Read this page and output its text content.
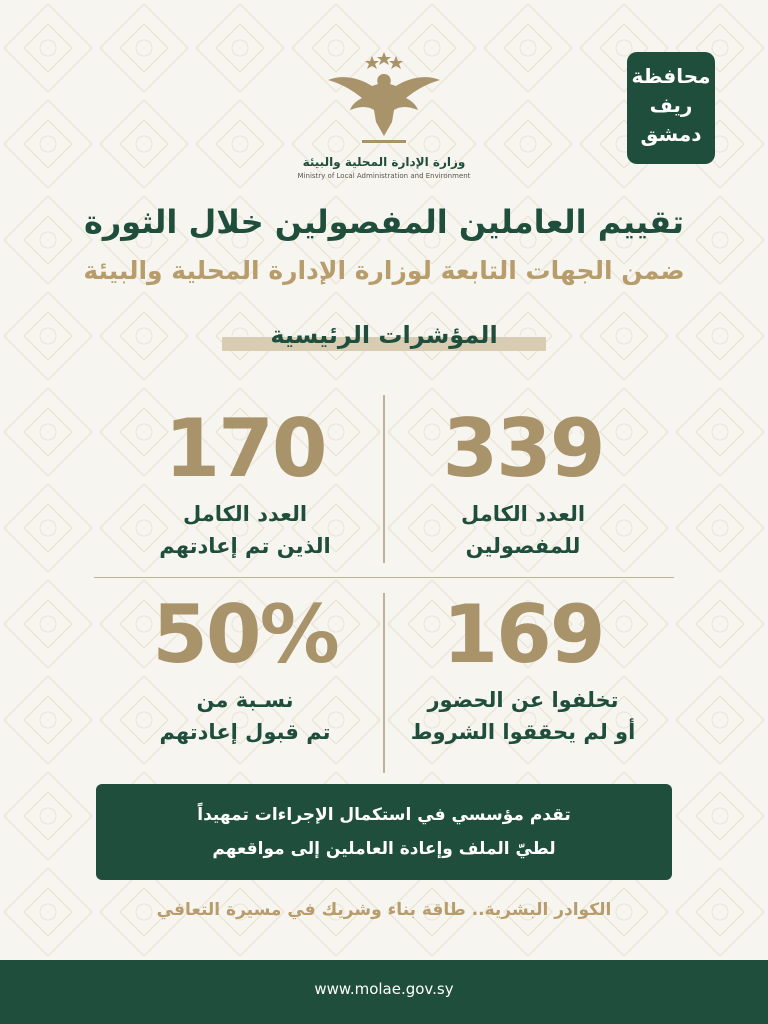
محافظة
ريف
دمشق
وزارة الإدارة المحلية والبيئة
Ministry of Local Administration and Environment
تقييم العاملين المفصولين خلال الثورة
ضمن الجهات التابعة لوزارة الإدارة المحلية والبيئة
المؤشرات الرئيسية
339
العدد الكامل
للمفصولين
170
العدد الكامل
الذين تم إعادتهم
169
تخلفوا عن الحضور
أو لم يحققوا الشروط
50%
نسـبة من
تم قبول إعادتهم
تقدم مؤسسي في استكمال الإجراءات تمهيداً
لطيّ الملف وإعادة العاملين إلى مواقعهم
الكوادر البشرية.. طاقة بناء وشريك في مسيرة التعافي
www.molae.gov.sy
